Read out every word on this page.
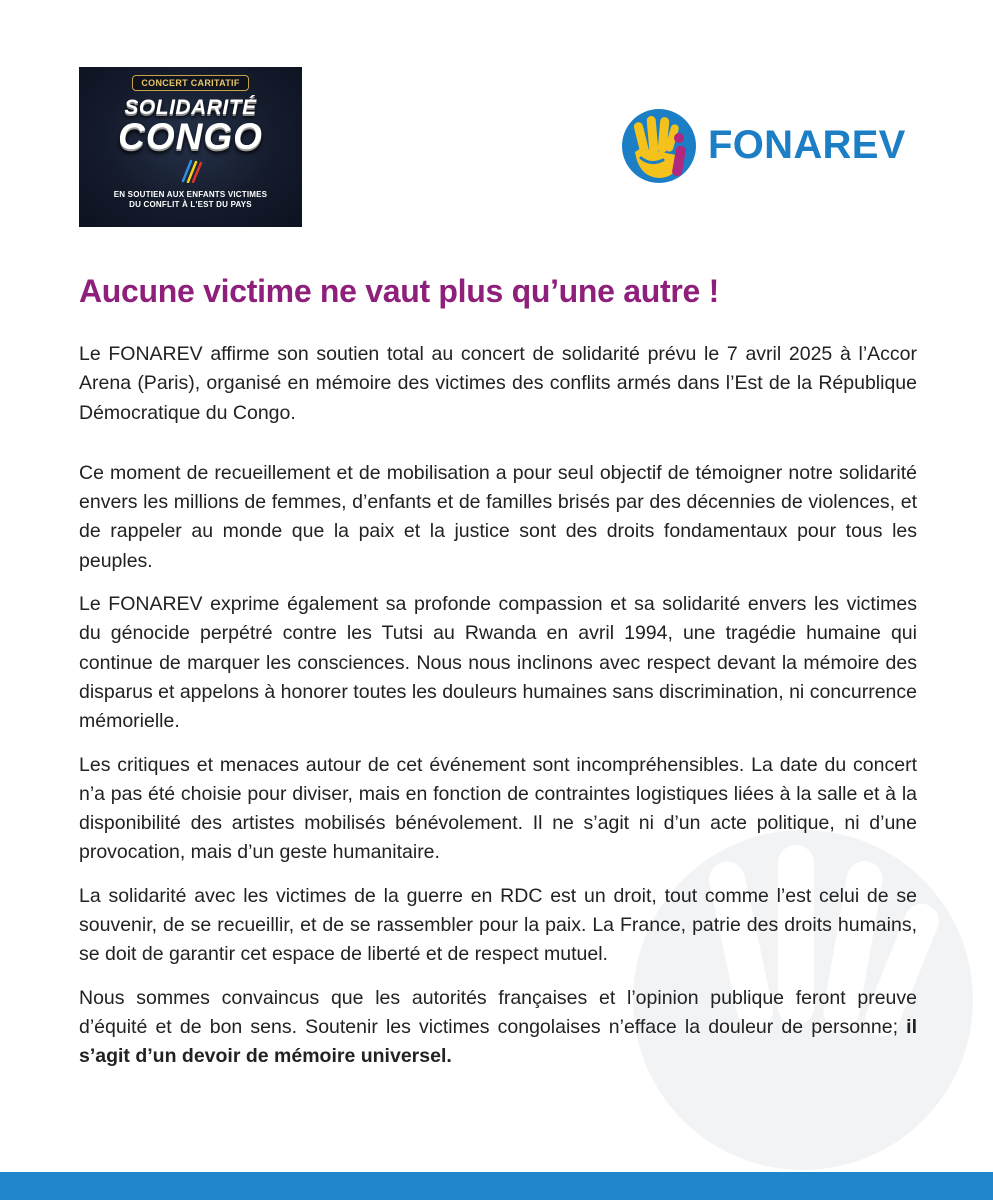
CONCERT CARITATIF
SOLIDARITÉ
CONGO
EN SOUTIEN AUX ENFANTS VICTIMES
DU CONFLIT À L'EST DU PAYS
FONAREV
Aucune victime ne vaut plus qu’une autre !

Le FONAREV affirme son soutien total au concert de solidarité prévu le 7 avril 2025 à l’Accor Arena (Paris), organisé en mémoire des victimes des conflits armés dans l’Est de la République Démocratique du Congo.

Ce moment de recueillement et de mobilisation a pour seul objectif de témoigner notre solidarité envers les millions de femmes, d’enfants et de familles brisés par des décennies de violences, et de rappeler au monde que la paix et la justice sont des droits fondamentaux pour tous les peuples.

Le FONAREV exprime également sa profonde compassion et sa solidarité envers les victimes du génocide perpétré contre les Tutsi au Rwanda en avril 1994, une tragédie humaine qui continue de marquer les consciences. Nous nous inclinons avec respect devant la mémoire des disparus et appelons à honorer toutes les douleurs humaines sans discrimination, ni concurrence mémorielle.

Les critiques et menaces autour de cet événement sont incompréhensibles. La date du concert n’a pas été choisie pour diviser, mais en fonction de contraintes logistiques liées à la salle et à la disponibilité des artistes mobilisés bénévolement. Il ne s’agit ni d’un acte politique, ni d’une provocation, mais d’un geste humanitaire.

La solidarité avec les victimes de la guerre en RDC est un droit, tout comme l’est celui de se souvenir, de se recueillir, et de se rassembler pour la paix. La France, patrie des droits humains, se doit de garantir cet espace de liberté et de respect mutuel.

Nous sommes convaincus que les autorités françaises et l’opinion publique feront preuve d’équité et de bon sens. Soutenir les victimes congolaises n’efface la douleur de personne; il s’agit d’un devoir de mémoire universel.
